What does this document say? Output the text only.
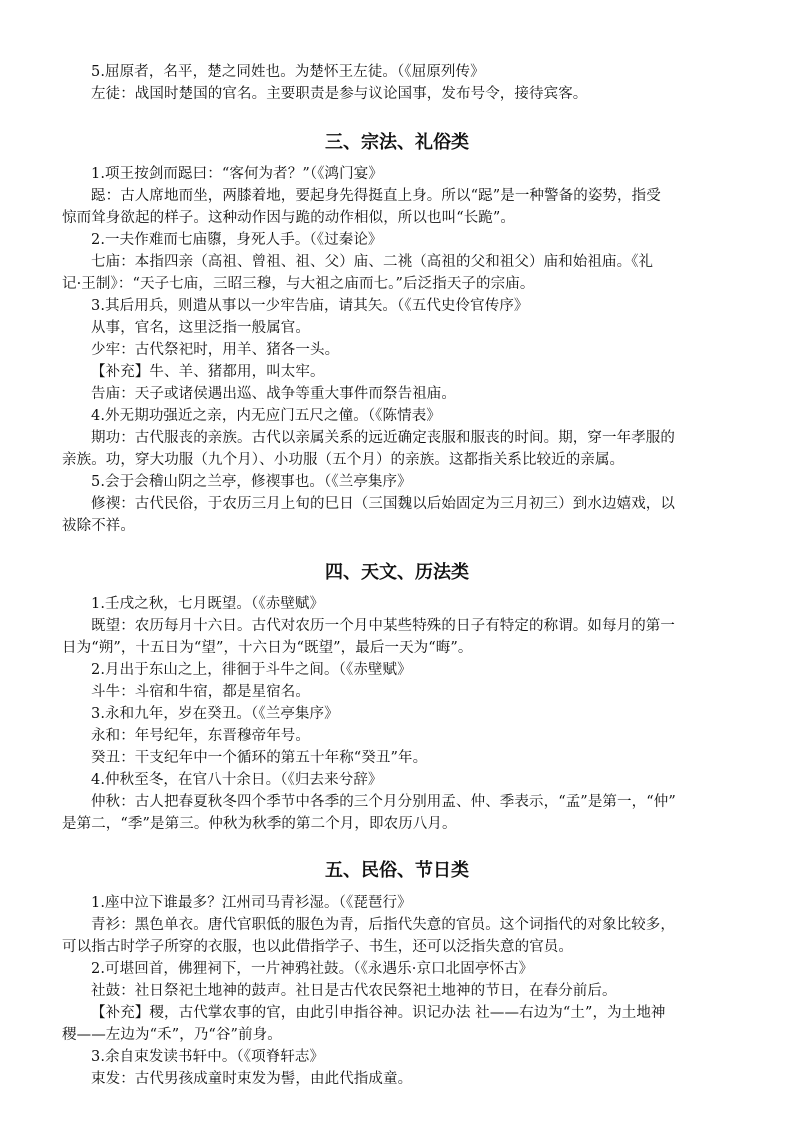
5.屈原者，名平，楚之同姓也。为楚怀王左徒。（《屈原列传》
左徒：战国时楚国的官名。主要职责是参与议论国事，发布号令，接待宾客。
三、宗法、礼俗类
1.项王按剑而跽曰：“客何为者？”（《鸿门宴》
跽：古人席地而坐，两膝着地，要起身先得挺直上身。所以“跽”是一种警备的姿势，指受
惊而耸身欲起的样子。这种动作因与跪的动作相似，所以也叫“长跪”。
2.一夫作难而七庙隳，身死人手。（《过秦论》
七庙：本指四亲（高祖、曾祖、祖、父）庙、二祧（高祖的父和祖父）庙和始祖庙。《礼
记·王制》：“天子七庙，三昭三穆，与大祖之庙而七。”后泛指天子的宗庙。
3.其后用兵，则遣从事以一少牢告庙，请其矢。（《五代史伶官传序》
从事，官名，这里泛指一般属官。
少牢：古代祭祀时，用羊、猪各一头。
【补充】牛、羊、猪都用，叫太牢。
告庙：天子或诸侯遇出巡、战争等重大事件而祭告祖庙。
4.外无期功强近之亲，内无应门五尺之僮。（《陈情表》
期功：古代服丧的亲族。古代以亲属关系的远近确定丧服和服丧的时间。期，穿一年孝服的
亲族。功，穿大功服（九个月）、小功服（五个月）的亲族。这都指关系比较近的亲属。
5.会于会稽山阴之兰亭，修禊事也。（《兰亭集序》
修禊：古代民俗，于农历三月上旬的巳日（三国魏以后始固定为三月初三）到水边嬉戏，以
祓除不祥。
四、天文、历法类
1.壬戌之秋，七月既望。（《赤壁赋》
既望：农历每月十六日。古代对农历一个月中某些特殊的日子有特定的称谓。如每月的第一
日为“朔”，十五日为“望”，十六日为“既望”，最后一天为“晦”。
2.月出于东山之上，徘徊于斗牛之间。（《赤壁赋》
斗牛：斗宿和牛宿，都是星宿名。
3.永和九年，岁在癸丑。（《兰亭集序》
永和：年号纪年，东晋穆帝年号。
癸丑：干支纪年中一个循环的第五十年称“癸丑”年。
4.仲秋至冬，在官八十余日。（《归去来兮辞》
仲秋：古人把春夏秋冬四个季节中各季的三个月分别用孟、仲、季表示，“孟”是第一，“仲”
是第二，“季”是第三。仲秋为秋季的第二个月，即农历八月。
五、民俗、节日类
1.座中泣下谁最多？江州司马青衫湿。（《琵琶行》
青衫：黑色单衣。唐代官职低的服色为青，后指代失意的官员。这个词指代的对象比较多，
可以指古时学子所穿的衣服，也以此借指学子、书生，还可以泛指失意的官员。
2.可堪回首，佛狸祠下，一片神鸦社鼓。（《永遇乐·京口北固亭怀古》
社鼓：社日祭祀土地神的鼓声。社日是古代农民祭祀土地神的节日，在春分前后。
【补充】稷，古代掌农事的官，由此引申指谷神。识记办法 社——右边为“土”，为土地神
稷——左边为“禾”，乃“谷”前身。
3.余自束发读书轩中。（《项脊轩志》
束发：古代男孩成童时束发为髻，由此代指成童。
